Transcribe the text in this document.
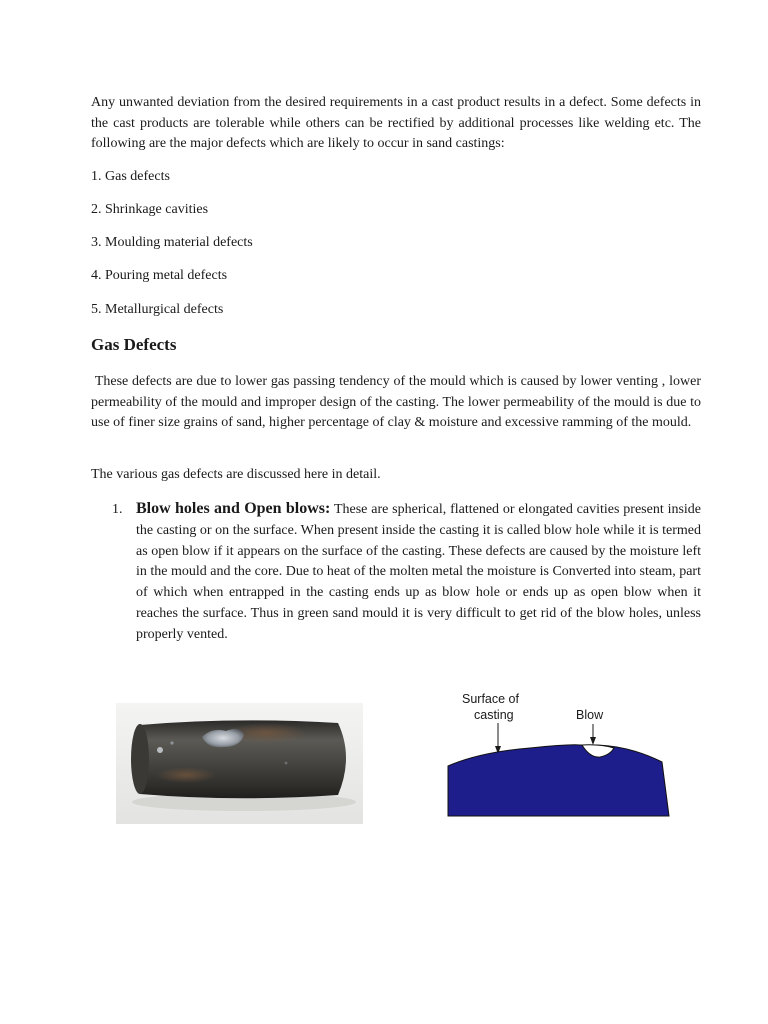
Any unwanted deviation from the desired requirements in a cast product results in a defect. Some defects in the cast products are tolerable while others can be rectified by additional processes like welding etc. The following are the major defects which are likely to occur in sand castings:

1. Gas defects

2. Shrinkage cavities

3. Moulding material defects

4. Pouring metal defects

5. Metallurgical defects

Gas Defects

These defects are due to lower gas passing tendency of the mould which is caused by lower venting , lower permeability of the mould and improper design of the casting. The lower permeability of the mould is due to use of finer size grains of sand, higher percentage of clay & moisture and excessive ramming of the mould.

The various gas defects are discussed here in detail.

1. Blow holes and Open blows: These are spherical, flattened or elongated cavities present inside the casting or on the surface. When present inside the casting it is called blow hole while it is termed as open blow if it appears on the surface of the casting. These defects are caused by the moisture left in the mould and the core. Due to heat of the molten metal the moisture is Converted into steam, part of which when entrapped in the casting ends up as blow hole or ends up as open blow when it reaches the surface. Thus in green sand mould it is very difficult to get rid of the blow holes, unless properly vented.

Surface of
casting	Blow
